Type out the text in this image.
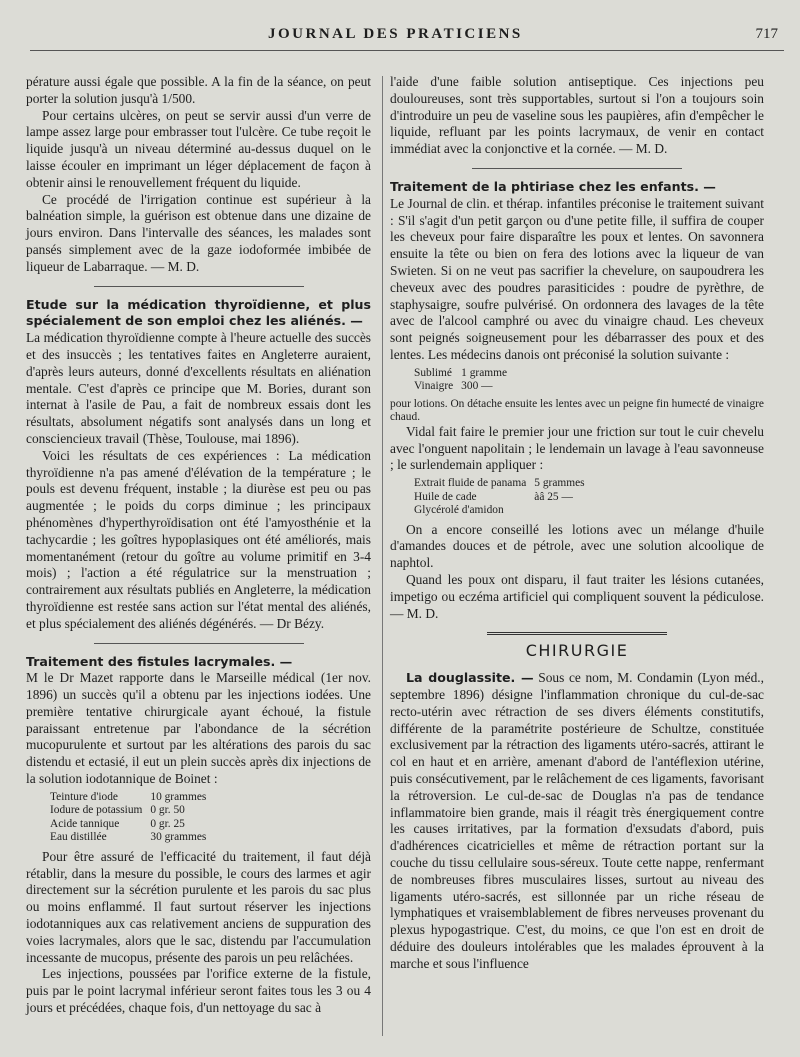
JOURNAL DES PRATICIENS	717

pérature aussi égale que possible. A la fin de la séance, on peut porter la solution jusqu'à 1/500.

Pour certains ulcères, on peut se servir aussi d'un verre de lampe assez large pour embrasser tout l'ulcère. Ce tube reçoit le liquide jusqu'à un niveau déterminé au-dessus duquel on le laisse écouler en imprimant un léger déplacement de façon à obtenir ainsi le renouvellement fréquent du liquide.

Ce procédé de l'irrigation continue est supérieur à la balnéation simple, la guérison est obtenue dans une dizaine de jours environ. Dans l'intervalle des séances, les malades sont pansés simplement avec de la gaze iodoformée imbibée de liqueur de Labarraque. — M. D.

Etude sur la médication thyroïdienne, et plus spécialement de son emploi chez les aliénés. —

La médication thyroïdienne compte à l'heure actuelle des succès et des insuccès ; les tentatives faites en Angleterre auraient, d'après leurs auteurs, donné d'excellents résultats en aliénation mentale. C'est d'après ce principe que M. Bories, durant son internat à l'asile de Pau, a fait de nombreux essais dont les résultats, absolument négatifs sont analysés dans un long et consciencieux travail (Thèse, Toulouse, mai 1896).

Voici les résultats de ces expériences : La médication thyroïdienne n'a pas amené d'élévation de la température ; le pouls est devenu fréquent, instable ; la diurèse est peu ou pas augmentée ; le poids du corps diminue ; les principaux phénomènes d'hyperthyroïdisation ont été l'amyosthénie et la tachycardie ; les goîtres hypoplasiques ont été améliorés, mais momentanément (retour du goître au volume primitif en 3-4 mois) ; l'action a été régulatrice sur la menstruation ; contrairement aux résultats publiés en Angleterre, la médication thyroïdienne est restée sans action sur l'état mental des aliénés, et plus spécialement des aliénés dégénérés. — Dr Bézy.

Traitement des fistules lacrymales. —

M le Dr Mazet rapporte dans le Marseille médical (1er nov. 1896) un succès qu'il a obtenu par les injections iodées. Une première tentative chirurgicale ayant échoué, la fistule paraissant entretenue par l'abondance de la sécrétion mucopurulente et surtout par les altérations des parois du sac distendu et ectasié, il eut un plein succès après dix injections de la solution iodotannique de Boinet :

Teinture d'iode	10 grammes
Iodure de potassium	0 gr. 50
Acide tannique	0 gr. 25
Eau distillée	30 grammes

Pour être assuré de l'efficacité du traitement, il faut déjà rétablir, dans la mesure du possible, le cours des larmes et agir directement sur la sécrétion purulente et les parois du sac plus ou moins enflammé. Il faut surtout réserver les injections iodotanniques aux cas relativement anciens de suppuration des voies lacrymales, alors que le sac, distendu par l'accumulation incessante de mucopus, présente des parois un peu relâchées.

Les injections, poussées par l'orifice externe de la fistule, puis par le point lacrymal inférieur seront faites tous les 3 ou 4 jours et précédées, chaque fois, d'un nettoyage du sac à

l'aide d'une faible solution antiseptique. Ces injections peu douloureuses, sont très supportables, surtout si l'on a toujours soin d'introduire un peu de vaseline sous les paupières, afin d'empêcher le liquide, refluant par les points lacrymaux, de venir en contact immédiat avec la conjonctive et la cornée. — M. D.

Traitement de la phtiriase chez les enfants. —

Le Journal de clin. et thérap. infantiles préconise le traitement suivant : S'il s'agit d'un petit garçon ou d'une petite fille, il suffira de couper les cheveux pour faire disparaître les poux et lentes. On savonnera ensuite la tête ou bien on fera des lotions avec la liqueur de van Swieten. Si on ne veut pas sacrifier la chevelure, on saupoudrera les cheveux avec des poudres parasiticides : poudre de pyrèthre, de staphysaigre, soufre pulvérisé. On ordonnera des lavages de la tête avec de l'alcool camphré ou avec du vinaigre chaud. Les cheveux sont peignés soigneusement pour les débarrasser des poux et des lentes. Les médecins danois ont préconisé la solution suivante :

Sublimé	1 gramme
Vinaigre	300 —

pour lotions. On détache ensuite les lentes avec un peigne fin humecté de vinaigre chaud.

Vidal fait faire le premier jour une friction sur tout le cuir chevelu avec l'onguent napolitain ; le lendemain un lavage à l'eau savonneuse ; le surlendemain appliquer :

Extrait fluide de panama	5 grammes
Huile de cade	àâ 25 —
Glycérolé d'amidon	

On a encore conseillé les lotions avec un mélange d'huile d'amandes douces et de pétrole, avec une solution alcoolique de naphtol.

Quand les poux ont disparu, il faut traiter les lésions cutanées, impetigo ou eczéma artificiel qui compliquent souvent la pédiculose. — M. D.

CHIRURGIE

La douglassite. — Sous ce nom, M. Condamin (Lyon méd., septembre 1896) désigne l'inflammation chronique du cul-de-sac recto-utérin avec rétraction de ses divers éléments constitutifs, différente de la paramétrite postérieure de Schultze, constituée exclusivement par la rétraction des ligaments utéro-sacrés, attirant le col en haut et en arrière, amenant d'abord de l'antéflexion utérine, puis consécutivement, par le relâchement de ces ligaments, favorisant la rétroversion. Le cul-de-sac de Douglas n'a pas de tendance inflammatoire bien grande, mais il réagit très énergiquement contre les causes irritatives, par la formation d'exsudats d'abord, puis d'adhérences cicatricielles et même de rétraction portant sur la couche du tissu cellulaire sous-séreux. Toute cette nappe, renfermant de nombreuses fibres musculaires lisses, surtout au niveau des ligaments utéro-sacrés, est sillonnée par un riche réseau de lymphatiques et vraisemblablement de fibres nerveuses provenant du plexus hypogastrique. C'est, du moins, ce que l'on est en droit de déduire des douleurs intolérables que les malades éprouvent à la marche et sous l'influence
